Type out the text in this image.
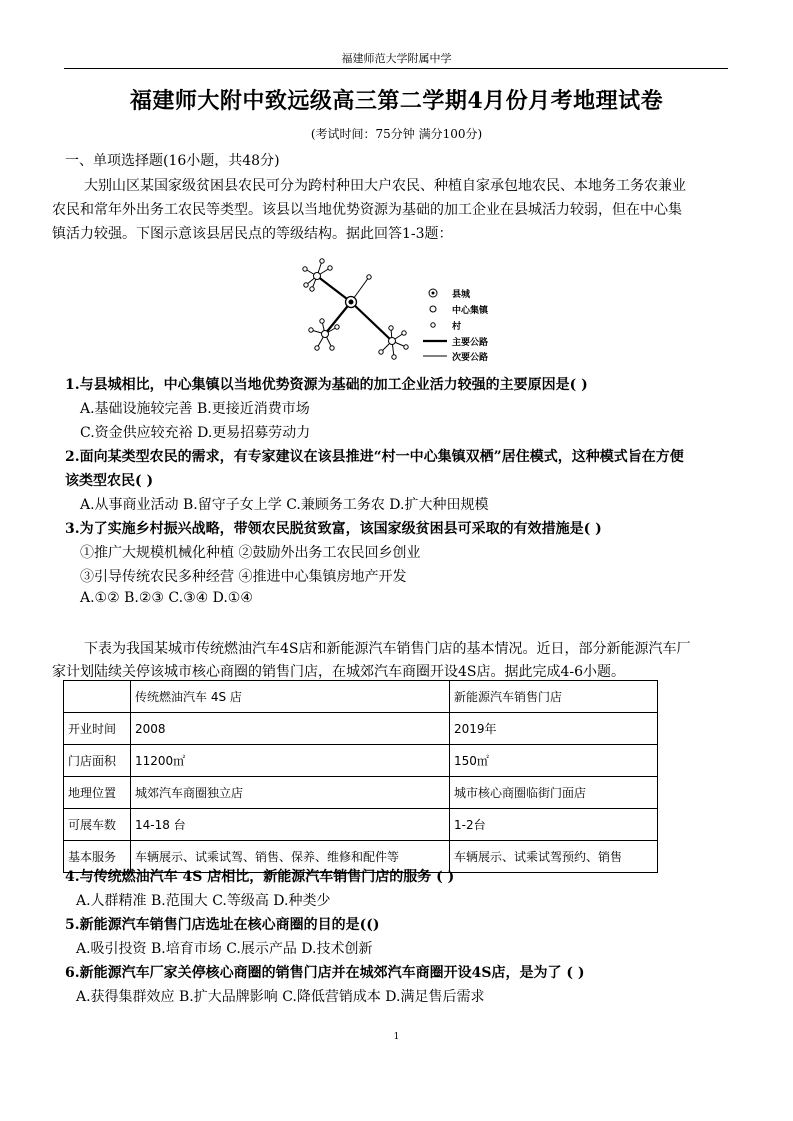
福建师范大学附属中学
福建师大附中致远级高三第二学期4月份月考地理试卷
(考试时间：75分钟 满分100分)
一、单项选择题(16小题，共48分)
大别山区某国家级贫困县农民可分为跨村种田大户农民、种植自家承包地农民、本地务工务农兼业
农民和常年外出务工农民等类型。该县以当地优势资源为基础的加工企业在县城活力较弱，但在中心集
镇活力较强。下图示意该县居民点的等级结构。据此回答1-3题：
县城
中心集镇
村
主要公路
次要公路
1.与县城相比，中心集镇以当地优势资源为基础的加工企业活力较强的主要原因是( )
A.基础设施较完善 B.更接近消费市场
C.资金供应较充裕 D.更易招募劳动力
2.面向某类型农民的需求，有专家建议在该县推进“村一中心集镇双栖”居住模式，这种模式旨在方便
该类型农民( )
A.从事商业活动 B.留守子女上学 C.兼顾务工务农 D.扩大种田规模
3.为了实施乡村振兴战略，带领农民脱贫致富，该国家级贫困县可采取的有效措施是( )
①推广大规模机械化种植 ②鼓励外出务工农民回乡创业
③引导传统农民多种经营 ④推进中心集镇房地产开发
A.①② B.②③ C.③④ D.①④
下表为我国某城市传统燃油汽车4S店和新能源汽车销售门店的基本情况。近日，部分新能源汽车厂
家计划陆续关停该城市核心商圈的销售门店，在城郊汽车商圈开设4S店。据此完成4-6小题。
	传统燃油汽车 4S 店	新能源汽车销售门店
开业时间	2008	2019年
门店面积	11200㎡	150㎡
地理位置	城郊汽车商圈独立店	城市核心商圈临街门面店
可展车数	14-18 台	1-2台
基本服务	车辆展示、试乘试驾、销售、保养、维修和配件等	车辆展示、试乘试驾预约、销售
4.与传统燃油汽车 4S 店相比，新能源汽车销售门店的服务 ( )
A.人群精准 B.范围大 C.等级高 D.种类少
5.新能源汽车销售门店选址在核心商圈的目的是(()
A.吸引投资 B.培育市场 C.展示产品 D.技术创新
6.新能源汽车厂家关停核心商圈的销售门店并在城郊汽车商圈开设4S店，是为了 ( )
A.获得集群效应 B.扩大品牌影响 C.降低营销成本 D.满足售后需求
1
